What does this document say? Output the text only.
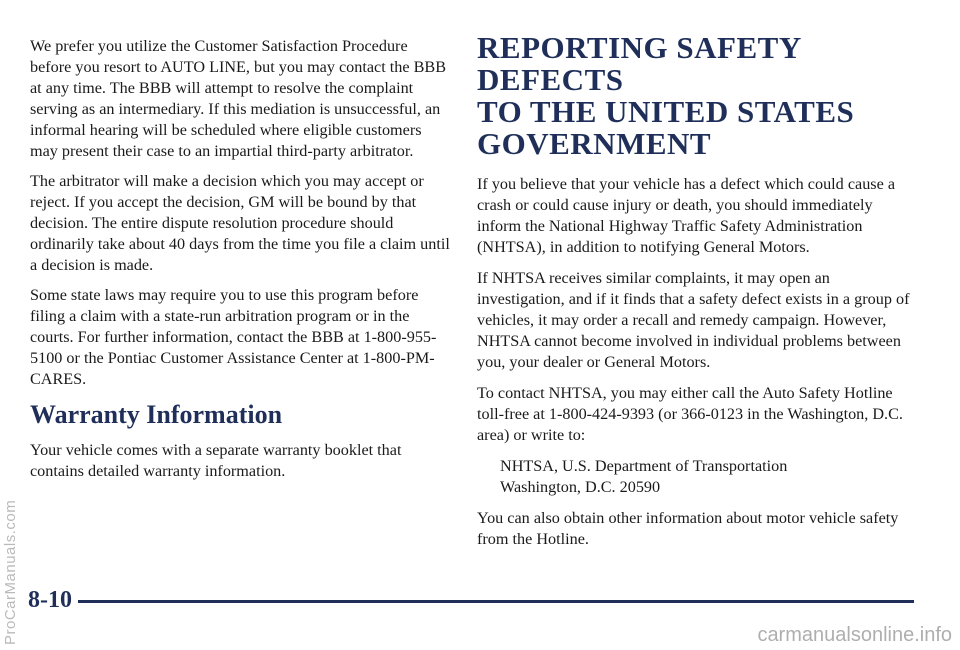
We prefer you utilize the Customer Satisfaction Procedure before you resort to AUTO LINE, but you may contact the BBB at any time. The BBB will attempt to resolve the complaint serving as an intermediary. If this mediation is unsuccessful, an informal hearing will be scheduled where eligible customers may present their case to an impartial third-party arbitrator.

The arbitrator will make a decision which you may accept or reject. If you accept the decision, GM will be bound by that decision. The entire dispute resolution procedure should ordinarily take about 40 days from the time you file a claim until a decision is made.

Some state laws may require you to use this program before filing a claim with a state-run arbitration program or in the courts. For further information, contact the BBB at 1-800-955-5100 or the Pontiac Customer Assistance Center at 1-800-PM-CARES.

Warranty Information

Your vehicle comes with a separate warranty booklet that contains detailed warranty information.

REPORTING SAFETY DEFECTS
TO THE UNITED STATES
GOVERNMENT

If you believe that your vehicle has a defect which could cause a crash or could cause injury or death, you should immediately inform the National Highway Traffic Safety Administration (NHTSA), in addition to notifying General Motors.

If NHTSA receives similar complaints, it may open an investigation, and if it finds that a safety defect exists in a group of vehicles, it may order a recall and remedy campaign. However, NHTSA cannot become involved in individual problems between you, your dealer or General Motors.

To contact NHTSA, you may either call the Auto Safety Hotline toll-free at 1-800-424-9393 (or 366-0123 in the Washington, D.C. area) or write to:

NHTSA, U.S. Department of Transportation
Washington, D.C. 20590

You can also obtain other information about motor vehicle safety from the Hotline.

8-10
ProCarManuals.com	carmanualsonline.info
